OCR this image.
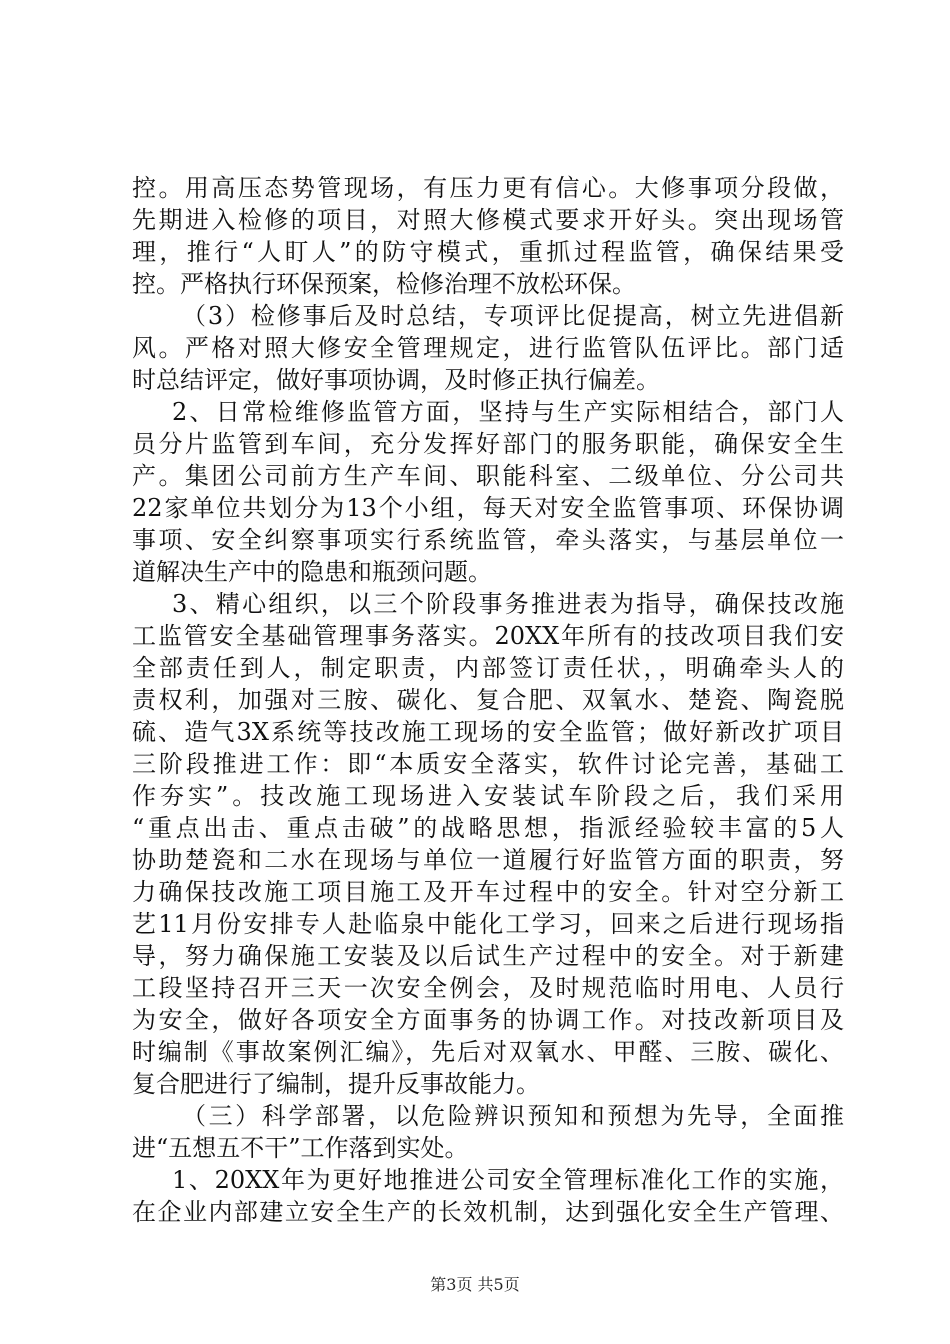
控。用高压态势管现场，有压力更有信心。大修事项分段做，
先期进入检修的项目，对照大修模式要求开好头。突出现场管
理，推行“人盯人”的防守模式，重抓过程监管，确保结果受
控。严格执行环保预案，检修治理不放松环保。
（3）检修事后及时总结，专项评比促提高，树立先进倡新
风。严格对照大修安全管理规定，进行监管队伍评比。部门适
时总结评定，做好事项协调，及时修正执行偏差。
2、日常检维修监管方面，坚持与生产实际相结合，部门人
员分片监管到车间，充分发挥好部门的服务职能，确保安全生
产。集团公司前方生产车间、职能科室、二级单位、分公司共
22家单位共划分为13个小组，每天对安全监管事项、环保协调
事项、安全纠察事项实行系统监管，牵头落实，与基层单位一
道解决生产中的隐患和瓶颈问题。
3、精心组织，以三个阶段事务推进表为指导，确保技改施
工监管安全基础管理事务落实。20XX年所有的技改项目我们安
全部责任到人，制定职责，内部签订责任状，，明确牵头人的
责权利，加强对三胺、碳化、复合肥、双氧水、楚瓷、陶瓷脱
硫、造气3X系统等技改施工现场的安全监管；做好新改扩项目
三阶段推进工作：即“本质安全落实，软件讨论完善，基础工
作夯实”。技改施工现场进入安装试车阶段之后，我们采用
“重点出击、重点击破”的战略思想，指派经验较丰富的5人
协助楚瓷和二水在现场与单位一道履行好监管方面的职责，努
力确保技改施工项目施工及开车过程中的安全。针对空分新工
艺11月份安排专人赴临泉中能化工学习，回来之后进行现场指
导，努力确保施工安装及以后试生产过程中的安全。对于新建
工段坚持召开三天一次安全例会，及时规范临时用电、人员行
为安全，做好各项安全方面事务的协调工作。对技改新项目及
时编制《事故案例汇编》，先后对双氧水、甲醛、三胺、碳化、
复合肥进行了编制，提升反事故能力。
（三）科学部署，以危险辨识预知和预想为先导，全面推
进“五想五不干”工作落到实处。
1、20XX年为更好地推进公司安全管理标准化工作的实施，
在企业内部建立安全生产的长效机制，达到强化安全生产管理、
第3页 共5页
